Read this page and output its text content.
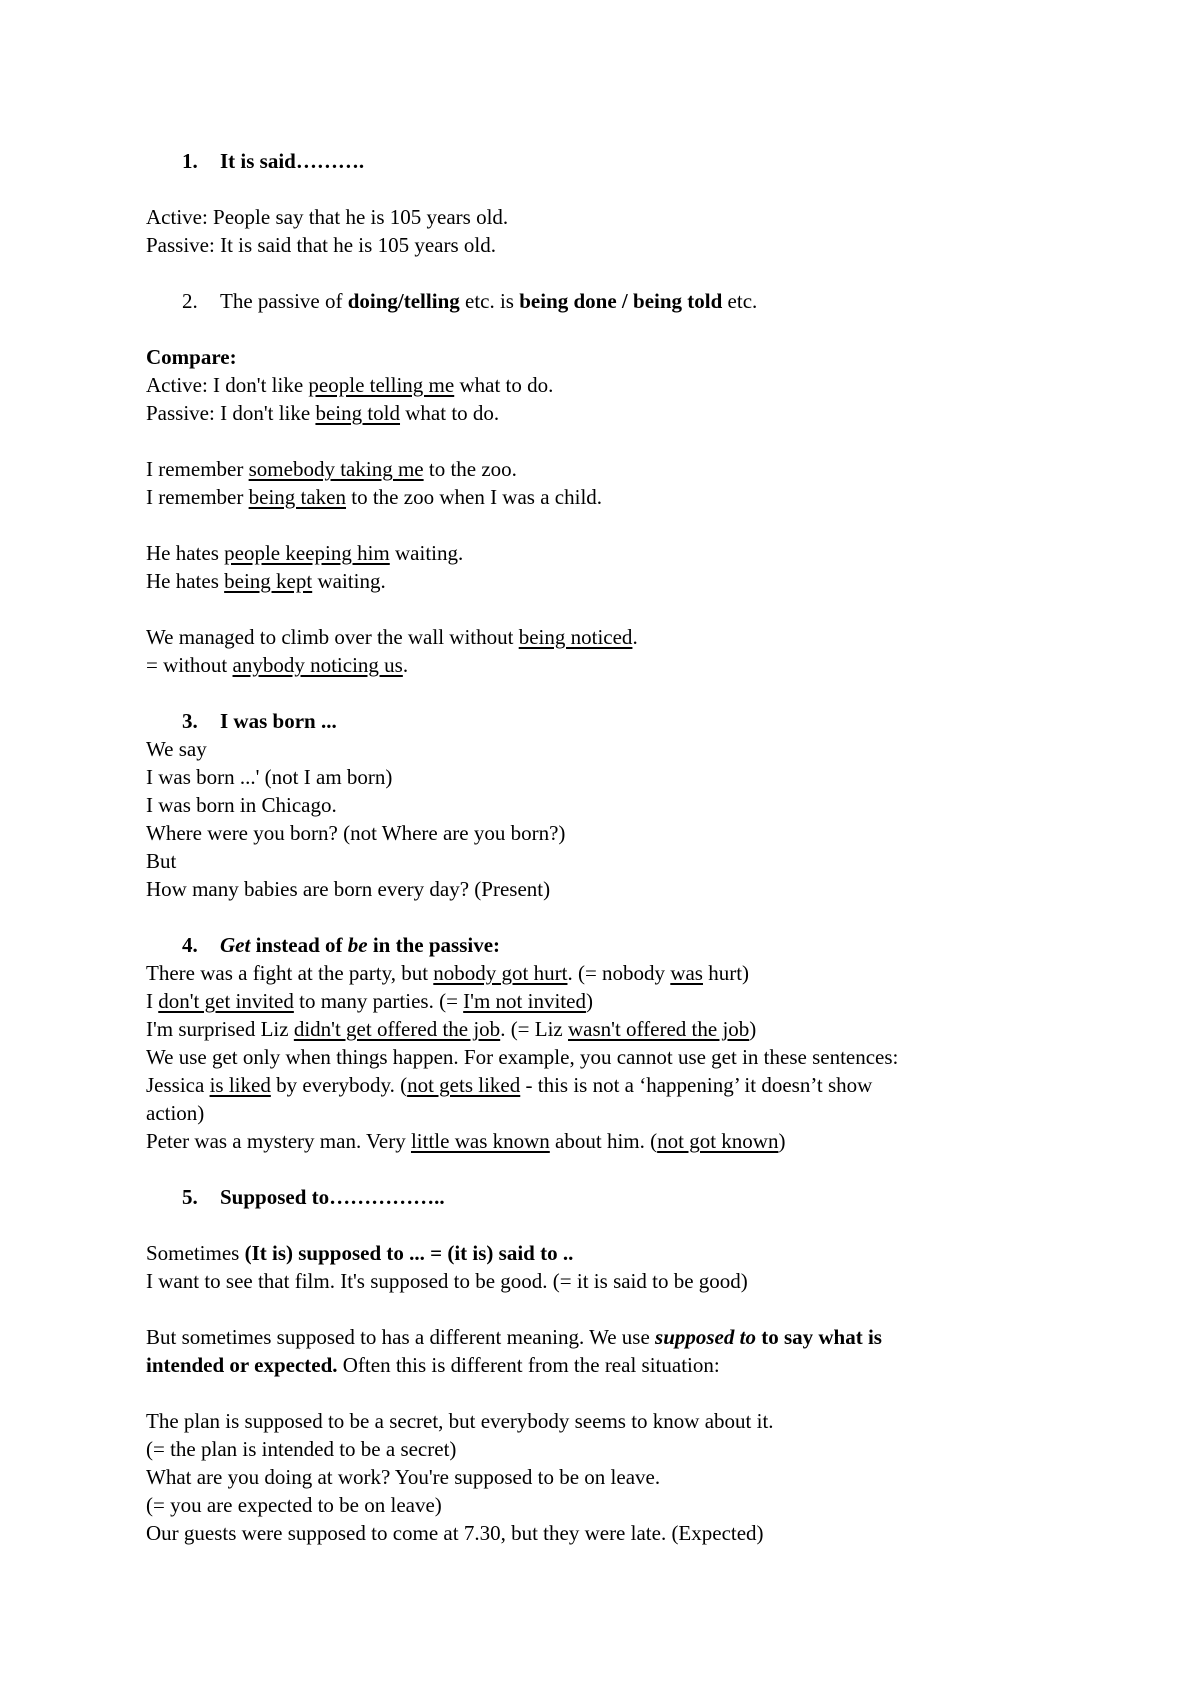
1.	It is said……….
Active: People say that he is 105 years old.
Passive: It is said that he is 105 years old.
2.	The passive of doing/telling etc. is being done / being told etc.
Compare:
Active: I don't like people telling me what to do.
Passive: I don't like being told what to do.
I remember somebody taking me to the zoo.
I remember being taken to the zoo when I was a child.
He hates people keeping him waiting.
He hates being kept waiting.
We managed to climb over the wall without being noticed.
= without anybody noticing us.
3.	I was born ...
We say
I was born ...' (not I am born)
I was born in Chicago.
Where were you born? (not Where are you born?)
But
How many babies are born every day? (Present)
4.	Get instead of be in the passive:
There was a fight at the party, but nobody got hurt. (= nobody was hurt)
I don't get invited to many parties. (= I'm not invited)
I'm surprised Liz didn't get offered the job. (= Liz wasn't offered the job)
We use get only when things happen. For example, you cannot use get in these sentences:
Jessica is liked by everybody. (not gets liked - this is not a ‘happening’ it doesn’t show
action)
Peter was a mystery man. Very little was known about him. (not got known)
5.	Supposed to……………..
Sometimes (It is) supposed to ... = (it is) said to ..
I want to see that film. It's supposed to be good. (= it is said to be good)
But sometimes supposed to has a different meaning. We use supposed to to say what is
intended or expected. Often this is different from the real situation:
The plan is supposed to be a secret, but everybody seems to know about it.
(= the plan is intended to be a secret)
What are you doing at work? You're supposed to be on leave.
(= you are expected to be on leave)
Our guests were supposed to come at 7.30, but they were late. (Expected)
